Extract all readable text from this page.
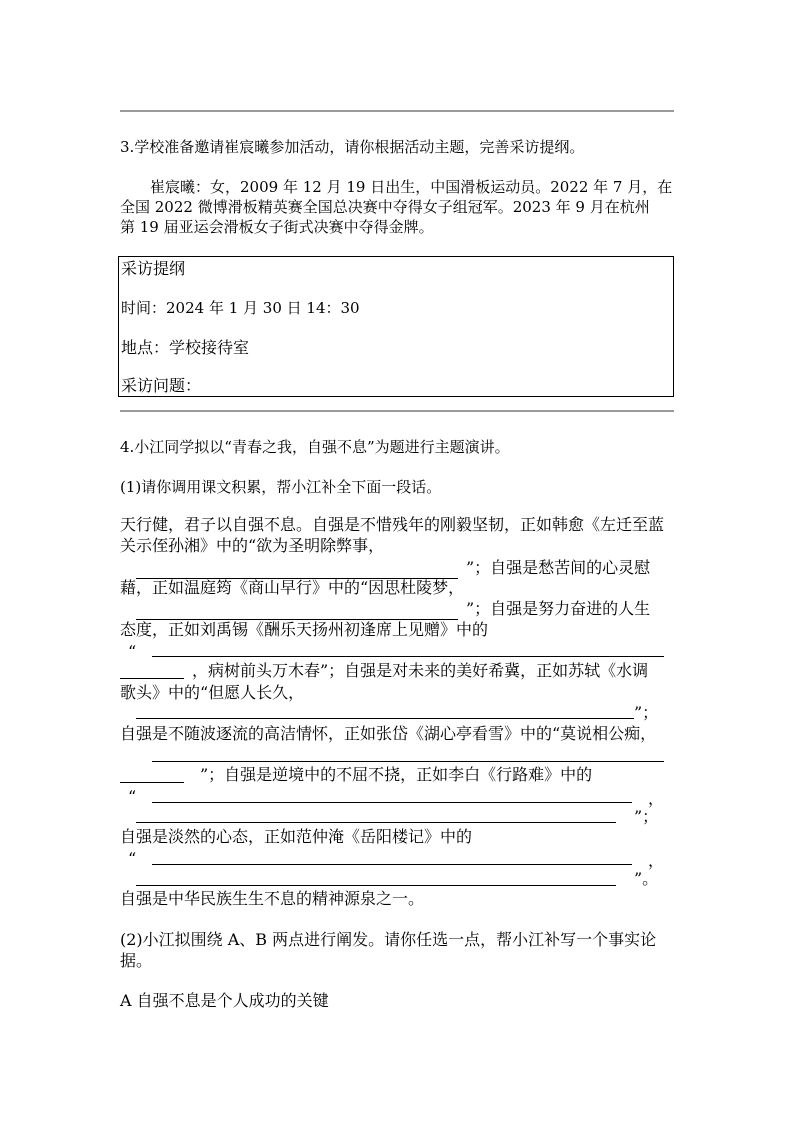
3.学校准备邀请崔宸曦参加活动，请你根据活动主题，完善采访提纲。
崔宸曦：女，2009 年 12 月 19 日出生，中国滑板运动员。2022 年 7 月，在
全国 2022 微博滑板精英赛全国总决赛中夺得女子组冠军。2023 年 9 月在杭州
第 19 届亚运会滑板女子街式决赛中夺得金牌。
采访提纲
时间：2024 年 1 月 30 日 14：30
地点：学校接待室
采访问题：
4.小江同学拟以“青春之我，自强不息”为题进行主题演讲。
(1)请你调用课文积累，帮小江补全下面一段话。
天行健，君子以自强不息。自强是不惜残年的刚毅坚韧，正如韩愈《左迁至蓝
关示侄孙湘》中的“欲为圣明除弊事，
”；自强是愁苦间的心灵慰
藉，正如温庭筠《商山早行》中的“因思杜陵梦，
”；自强是努力奋进的人生
态度，正如刘禹锡《酬乐天扬州初逢席上见赠》中的
“
，病树前头万木春”；自强是对未来的美好希冀，正如苏轼《水调
歌头》中的“但愿人长久，
”；
自强是不随波逐流的高洁情怀，正如张岱《湖心亭看雪》中的“莫说相公痴，
”；自强是逆境中的不屈不挠，正如李白《行路难》中的
“	，
”；
自强是淡然的心态，正如范仲淹《岳阳楼记》中的
“	，
”。
自强是中华民族生生不息的精神源泉之一。
(2)小江拟围绕 A、B 两点进行阐发。请你任选一点，帮小江补写一个事实论
据。
A 自强不息是个人成功的关键
